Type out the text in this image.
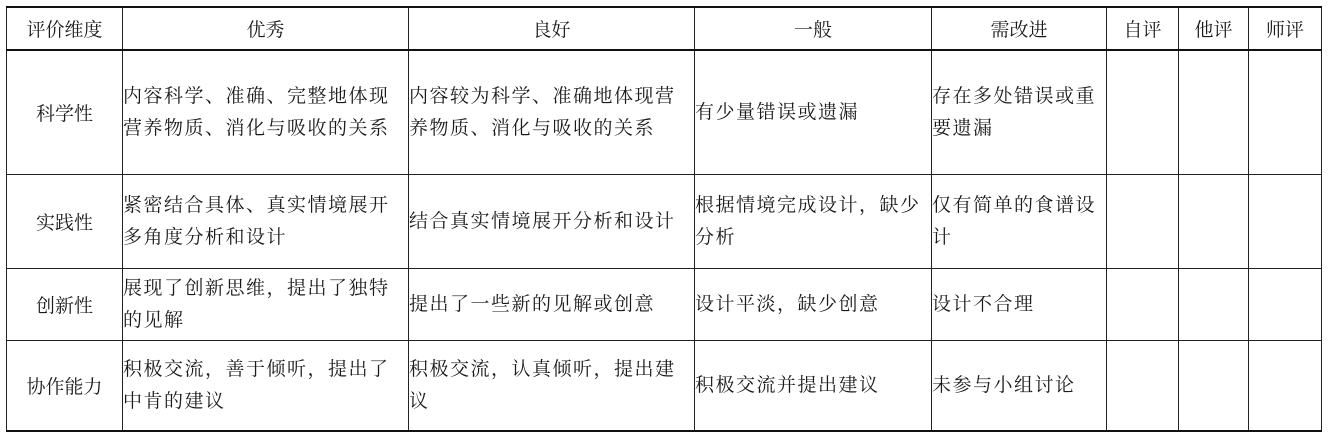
评价维度	优秀	良好	一般	需改进	自评	他评	师评
科学性	内容科学、准确、完整地体现营养物质、消化与吸收的关系	内容较为科学、准确地体现营养物质、消化与吸收的关系	有少量错误或遗漏	存在多处错误或重要遗漏			
实践性	紧密结合具体、真实情境展开多角度分析和设计	结合真实情境展开分析和设计	根据情境完成设计，缺少分析	仅有简单的食谱设计			
创新性	展现了创新思维，提出了独特的见解	提出了一些新的见解或创意	设计平淡，缺少创意	设计不合理			
协作能力	积极交流，善于倾听，提出了中肯的建议	积极交流，认真倾听，提出建议	积极交流并提出建议	未参与小组讨论			
